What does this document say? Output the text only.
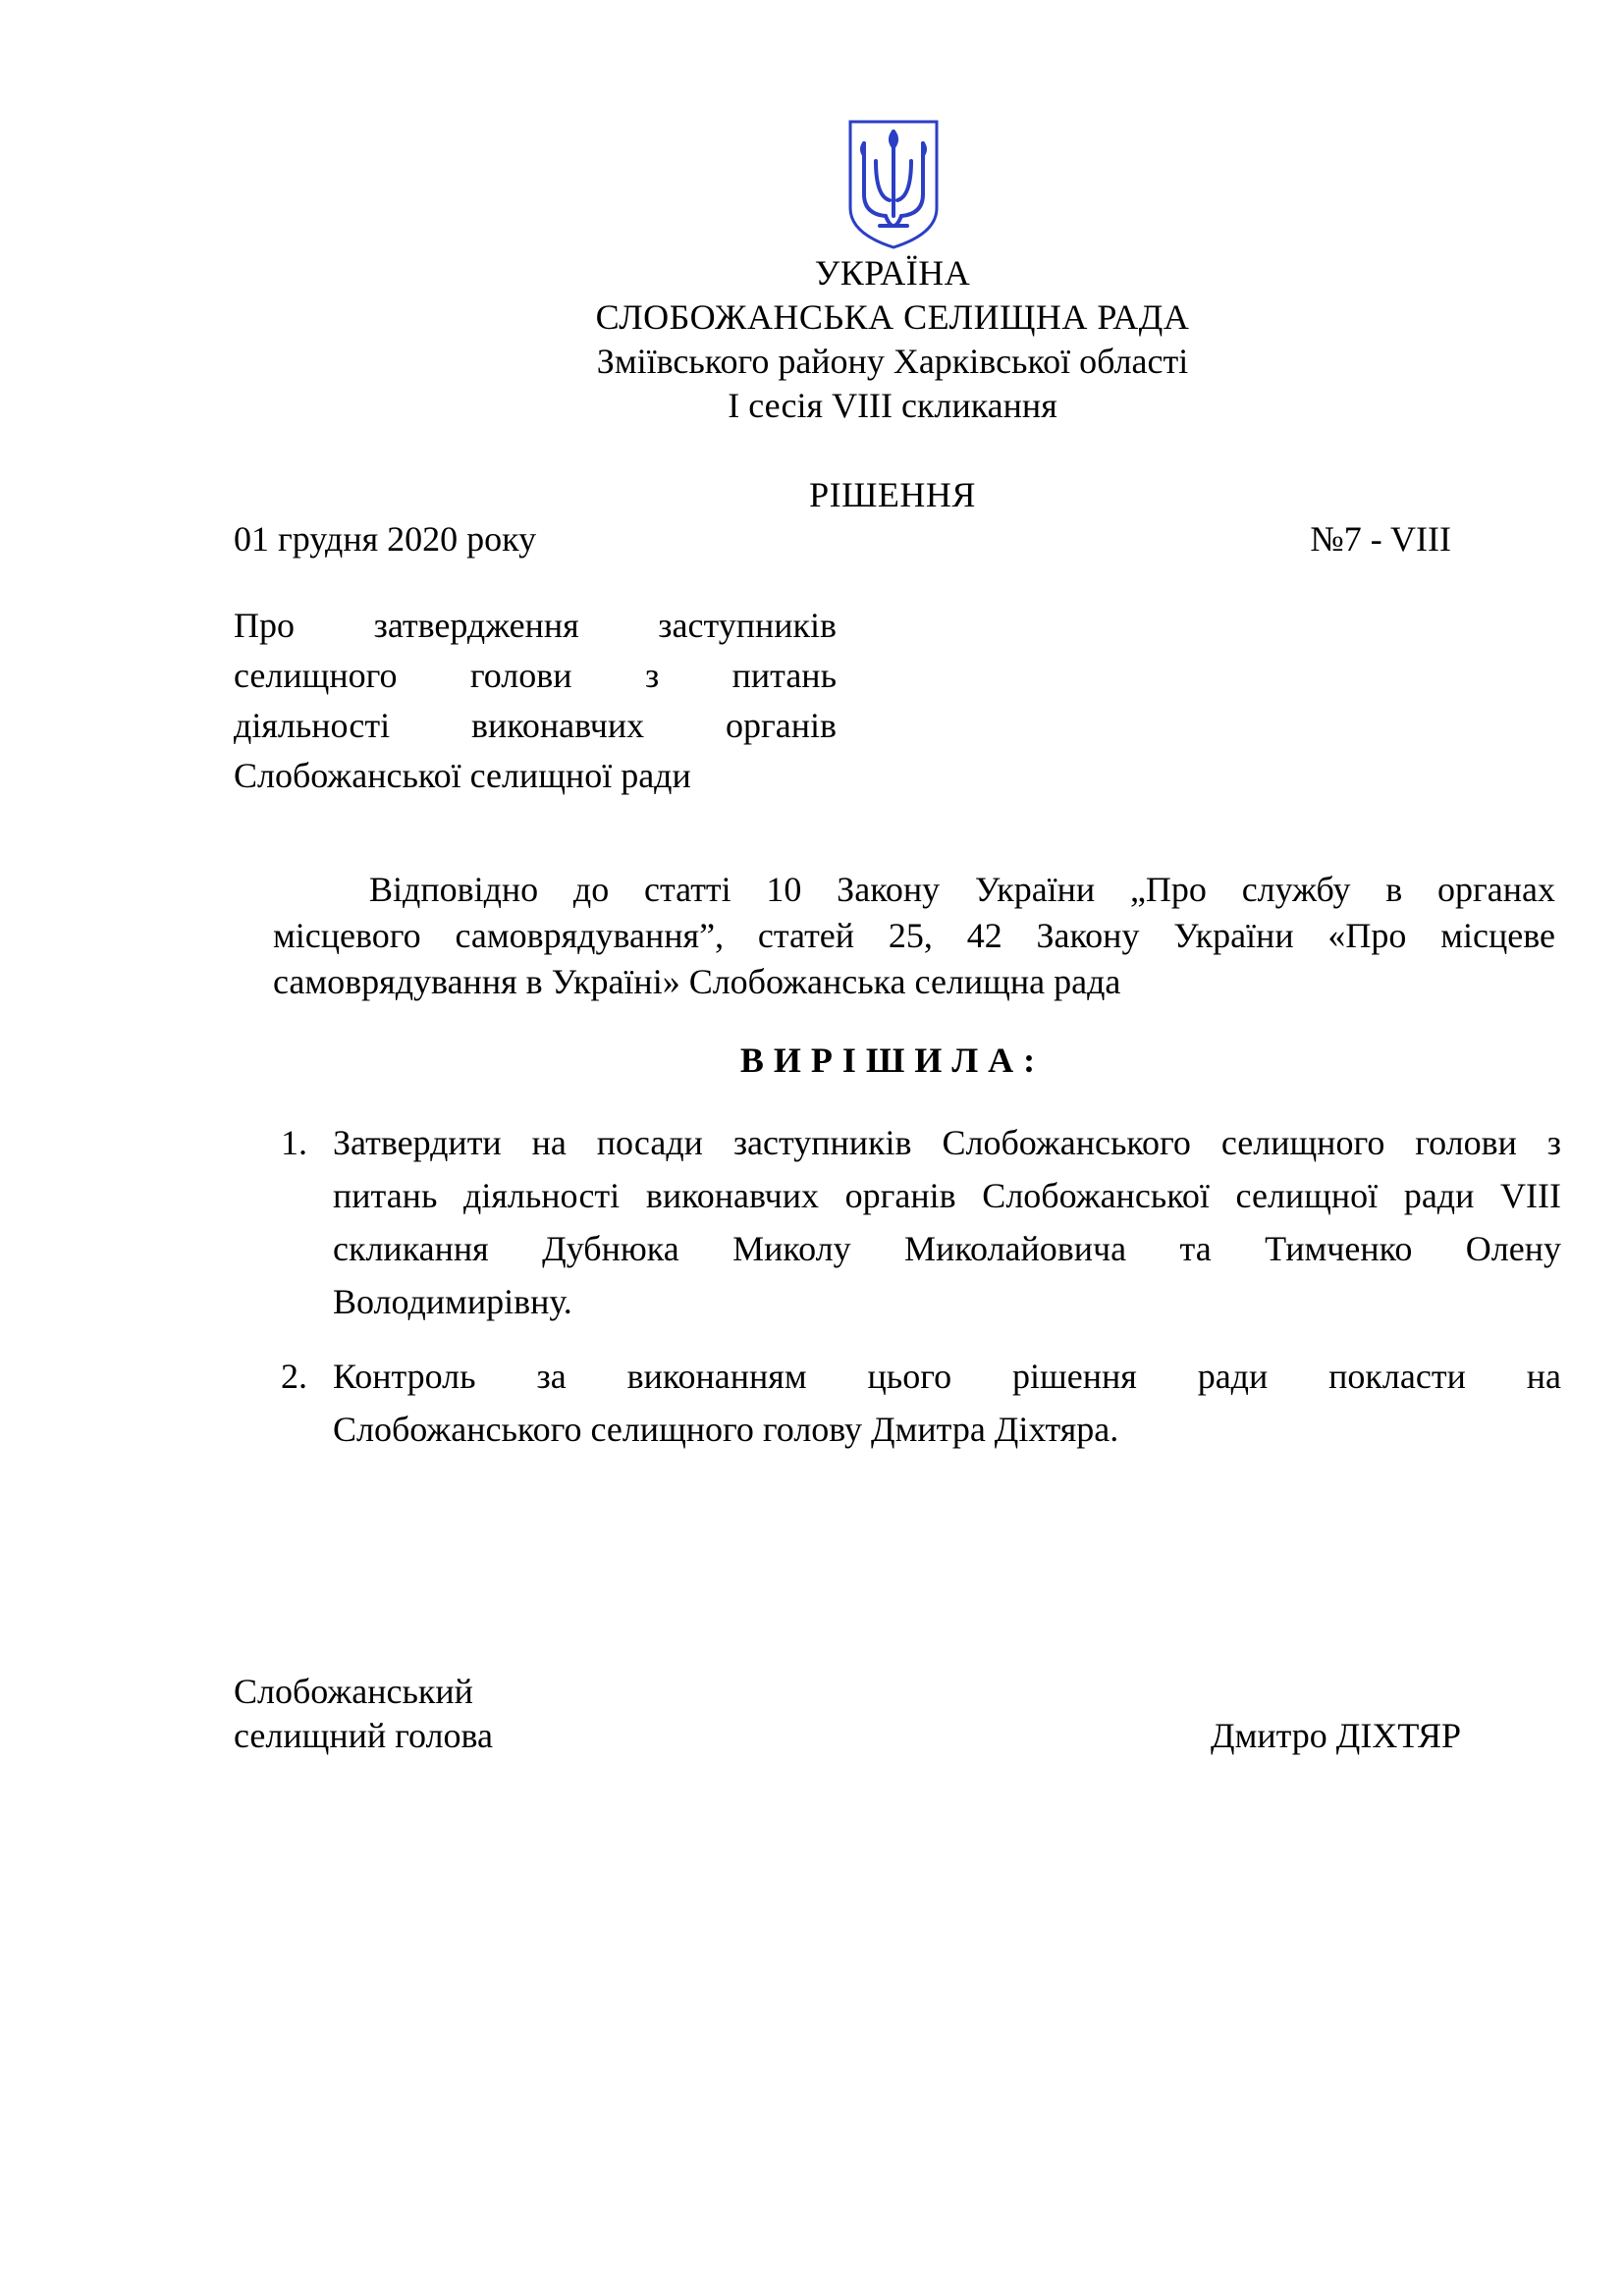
УКРАЇНА
СЛОБОЖАНСЬКА СЕЛИЩНА РАДА
Зміївського району Харківської області
І сесія VIII скликання
РІШЕННЯ
01 грудня 2020 року	№7 - VIII
Про затвердження заступників
селищного голови з питань
діяльності виконавчих органів
Слобожанської селищної ради
Відповідно до статті 10 Закону України „Про службу в органах
місцевого самоврядування”, статей 25, 42 Закону України «Про місцеве
самоврядування в Україні» Слобожанська селищна рада
ВИРІШИЛА:
1. Затвердити на посади заступників Слобожанського селищного голови з
питань діяльності виконавчих органів Слобожанської селищної ради VIII
скликання Дубнюка Миколу Миколайовича та Тимченко Олену
Володимирівну.
2. Контроль за виконанням цього рішення ради покласти на
Слобожанського селищного голову Дмитра Діхтяра.
Слобожанський
селищний голова	Дмитро ДІХТЯР
